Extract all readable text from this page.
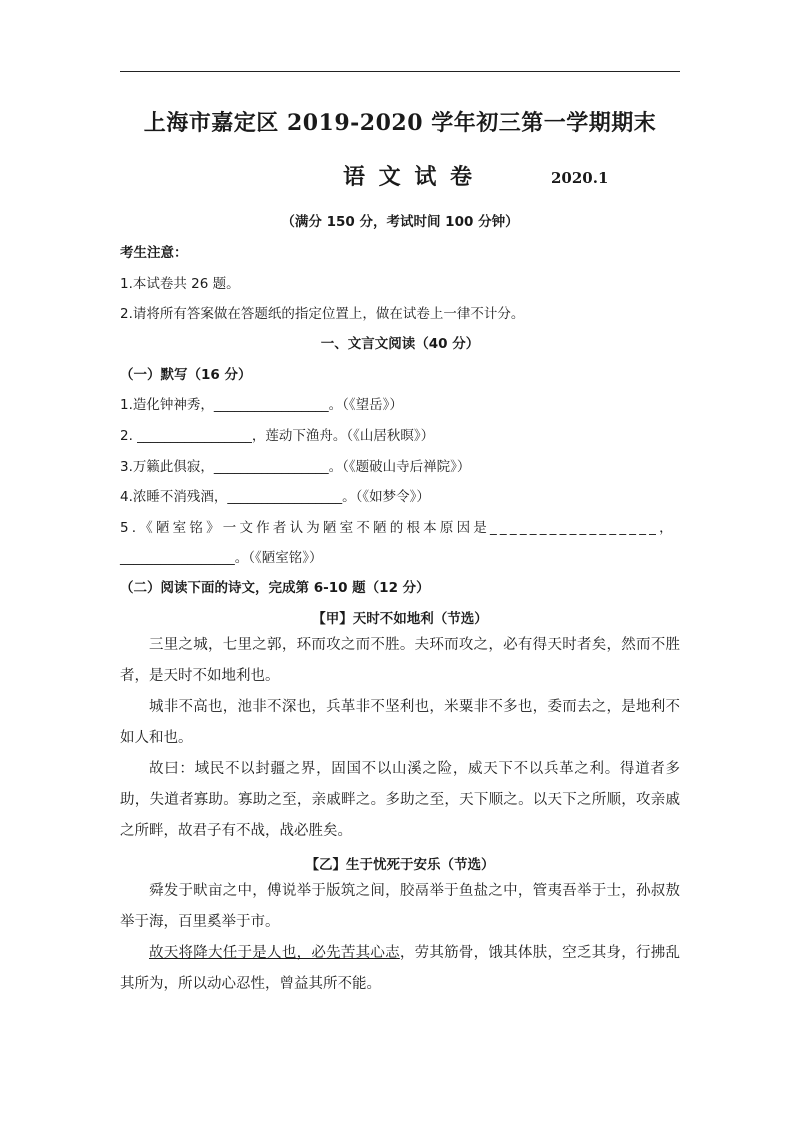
上海市嘉定区 2019-2020 学年初三第一学期期末
语 文 试 卷	2020.1
（满分 150 分，考试时间 100 分钟）
考生注意：
1.本试卷共 26 题。
2.请将所有答案做在答题纸的指定位置上，做在试卷上一律不计分。
一、文言文阅读（40 分）
（一）默写（16 分）
1.造化钟神秀，_________________。（《望岳》）
2. _________________，莲动下渔舟。（《山居秋暝》）
3.万籁此俱寂，_________________。（《题破山寺后禅院》）
4.浓睡不消残酒，_________________。（《如梦令》）
5.《陋室铭》一文作者认为陋室不陋的根本原因是_________________，
_________________。（《陋室铭》）
（二）阅读下面的诗文，完成第 6-10 题（12 分）
【甲】天时不如地利（节选）
三里之城，七里之郭，环而攻之而不胜。夫环而攻之，必有得天时者矣，然而不胜者，是天时不如地利也。
城非不高也，池非不深也，兵革非不坚利也，米粟非不多也，委而去之，是地利不如人和也。
故曰：域民不以封疆之界，固国不以山溪之险，威天下不以兵革之利。得道者多助，失道者寡助。寡助之至，亲戚畔之。多助之至，天下顺之。以天下之所顺，攻亲戚之所畔，故君子有不战，战必胜矣。
【乙】生于忧死于安乐（节选）
舜发于畎亩之中，傅说举于版筑之间，胶鬲举于鱼盐之中，管夷吾举于士，孙叔敖举于海，百里奚举于市。
故天将降大任于是人也，必先苦其心志，劳其筋骨，饿其体肤，空乏其身，行拂乱其所为，所以动心忍性，曾益其所不能。
